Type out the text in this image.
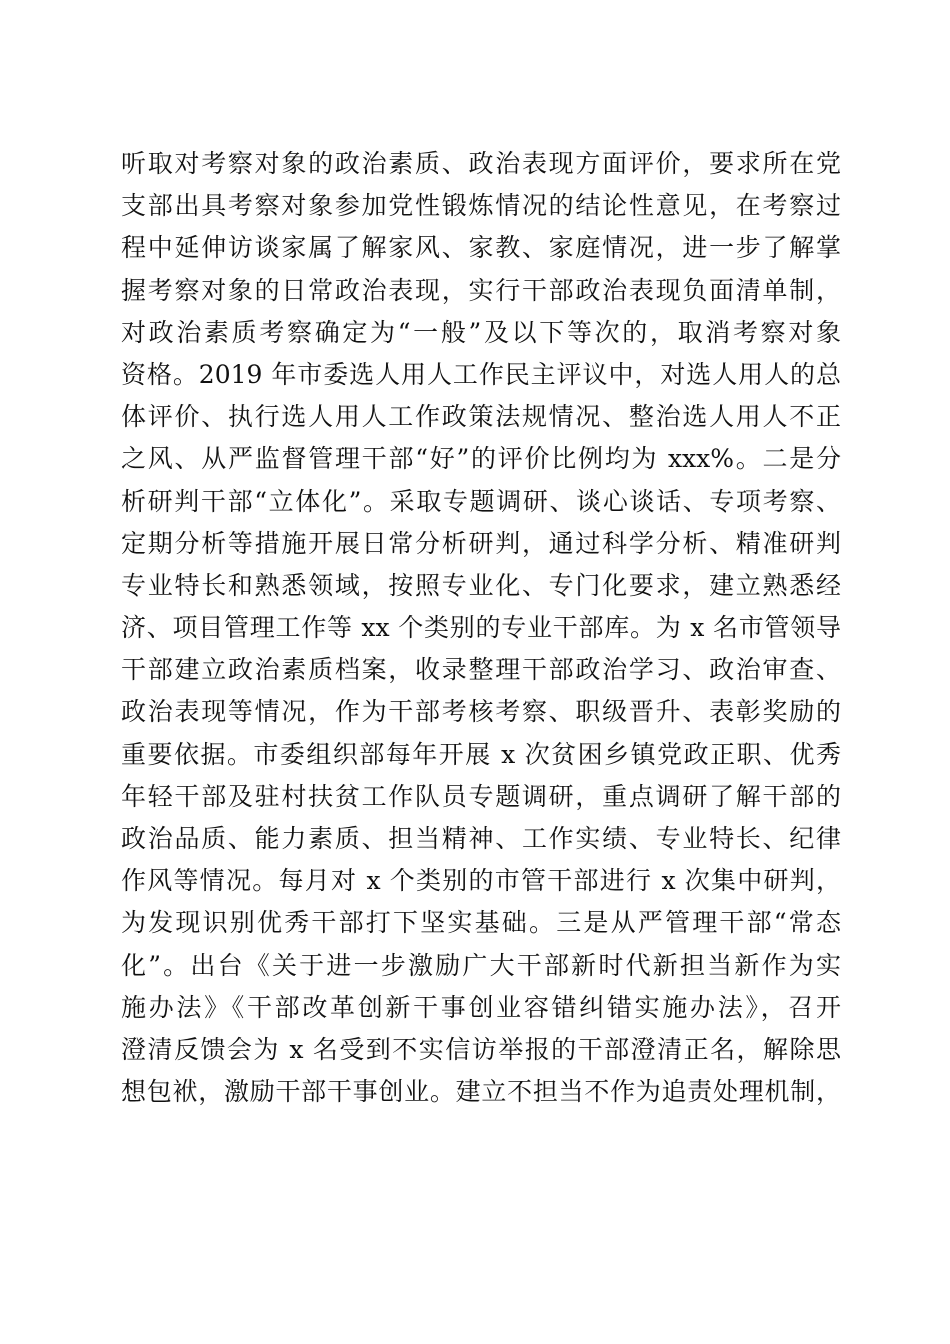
听取对考察对象的政治素质、政治表现方面评价，要求所在党
支部出具考察对象参加党性锻炼情况的结论性意见，在考察过
程中延伸访谈家属了解家风、家教、家庭情况，进一步了解掌
握考察对象的日常政治表现，实行干部政治表现负面清单制，
对政治素质考察确定为“一般”及以下等次的，取消考察对象
资格。2019 年市委选人用人工作民主评议中，对选人用人的总
体评价、执行选人用人工作政策法规情况、整治选人用人不正
之风、从严监督管理干部“好”的评价比例均为 xxx%。二是分
析研判干部“立体化”。采取专题调研、谈心谈话、专项考察、
定期分析等措施开展日常分析研判，通过科学分析、精准研判
专业特长和熟悉领域，按照专业化、专门化要求，建立熟悉经
济、项目管理工作等 xx 个类别的专业干部库。为 x 名市管领导
干部建立政治素质档案，收录整理干部政治学习、政治审查、
政治表现等情况，作为干部考核考察、职级晋升、表彰奖励的
重要依据。市委组织部每年开展 x 次贫困乡镇党政正职、优秀
年轻干部及驻村扶贫工作队员专题调研，重点调研了解干部的
政治品质、能力素质、担当精神、工作实绩、专业特长、纪律
作风等情况。每月对 x 个类别的市管干部进行 x 次集中研判，
为发现识别优秀干部打下坚实基础。三是从严管理干部“常态
化”。出台《关于进一步激励广大干部新时代新担当新作为实
施办法》《干部改革创新干事创业容错纠错实施办法》，召开
澄清反馈会为 x 名受到不实信访举报的干部澄清正名，解除思
想包袱，激励干部干事创业。建立不担当不作为追责处理机制，
